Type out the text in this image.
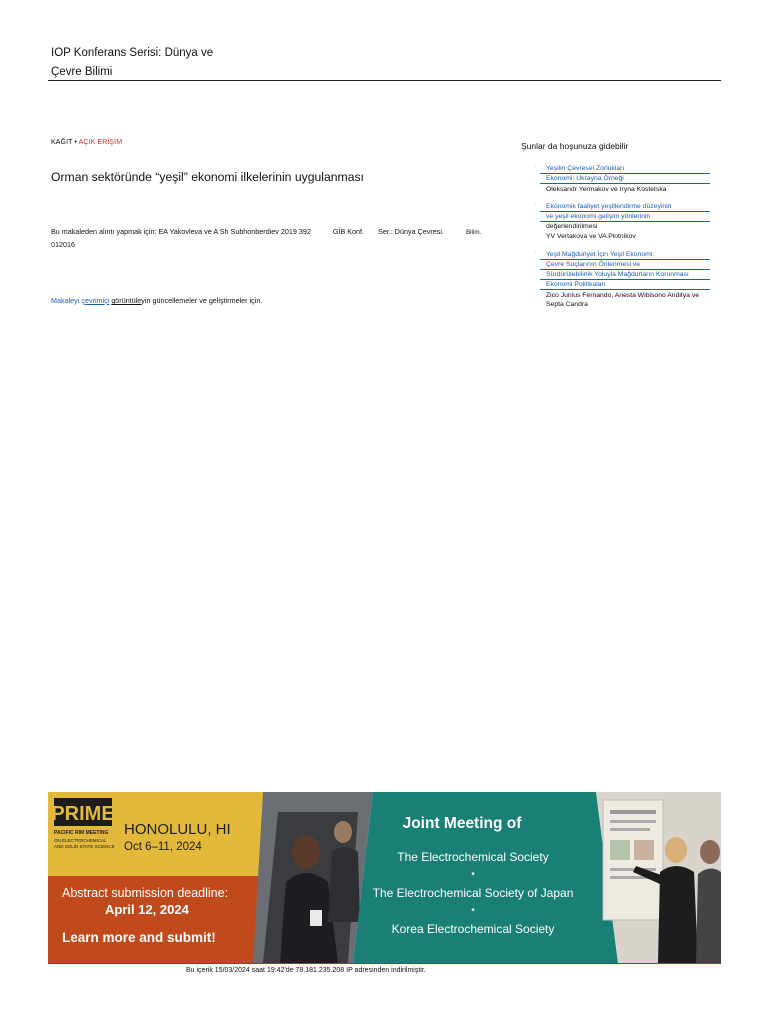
IOP Konferans Serisi: Dünya ve
Çevre Bilimi
KAĞIT • AÇIK ERİŞİM
Orman sektöründe “yeşil” ekonomi ilkelerinin uygulanması
Bu makaleden alıntı yapmak için: EA Yakovleva ve A Sh Subhonberdiev 2019 392	GİB Konf. Ser.: Dünya Çevresi.	Bilim.
012016
Makaleyi çevrimiçi görüntüleyin güncellemeler ve geliştirmeler için.
Şunlar da hoşunuza gidebilir
·	Yeşilin Çevresel Zorlukları
Ekonomi: Ukrayna Örneği
Oleksandr Yermakov ve Iryna Kostetska
·	Ekonomik faaliyet yeşillendirme düzeyinin
ve yeşil ekonomi gelişim yönlerinin
değerlendirilmesi
YV Vertakova ve VA Plotnikov
·	Yeşil Mağduriyet İçin Yeşil Ekonomi:
Çevre Suçlarının Önlenmesi ve
Sürdürülebilirlik Yoluyla Mağdurların Korunması
Ekonomi Politikaları
Zico Junius Fernando, Ariesta Wibisono Anditya ve Septa Candra
PRIME
PACIFIC RIM MEETING
ON ELECTROCHEMICAL
AND SOLID STATE SCIENCE
HONOLULU, HI
Oct 6–11, 2024
Abstract submission deadline:
April 12, 2024
Learn more and submit!
Joint Meeting of
The Electrochemical Society
•
The Electrochemical Society of Japan
•
Korea Electrochemical Society
Bu içerik 15/03/2024 saat 19:42'de 78.181.235.208 IP adresinden indirilmiştir.
